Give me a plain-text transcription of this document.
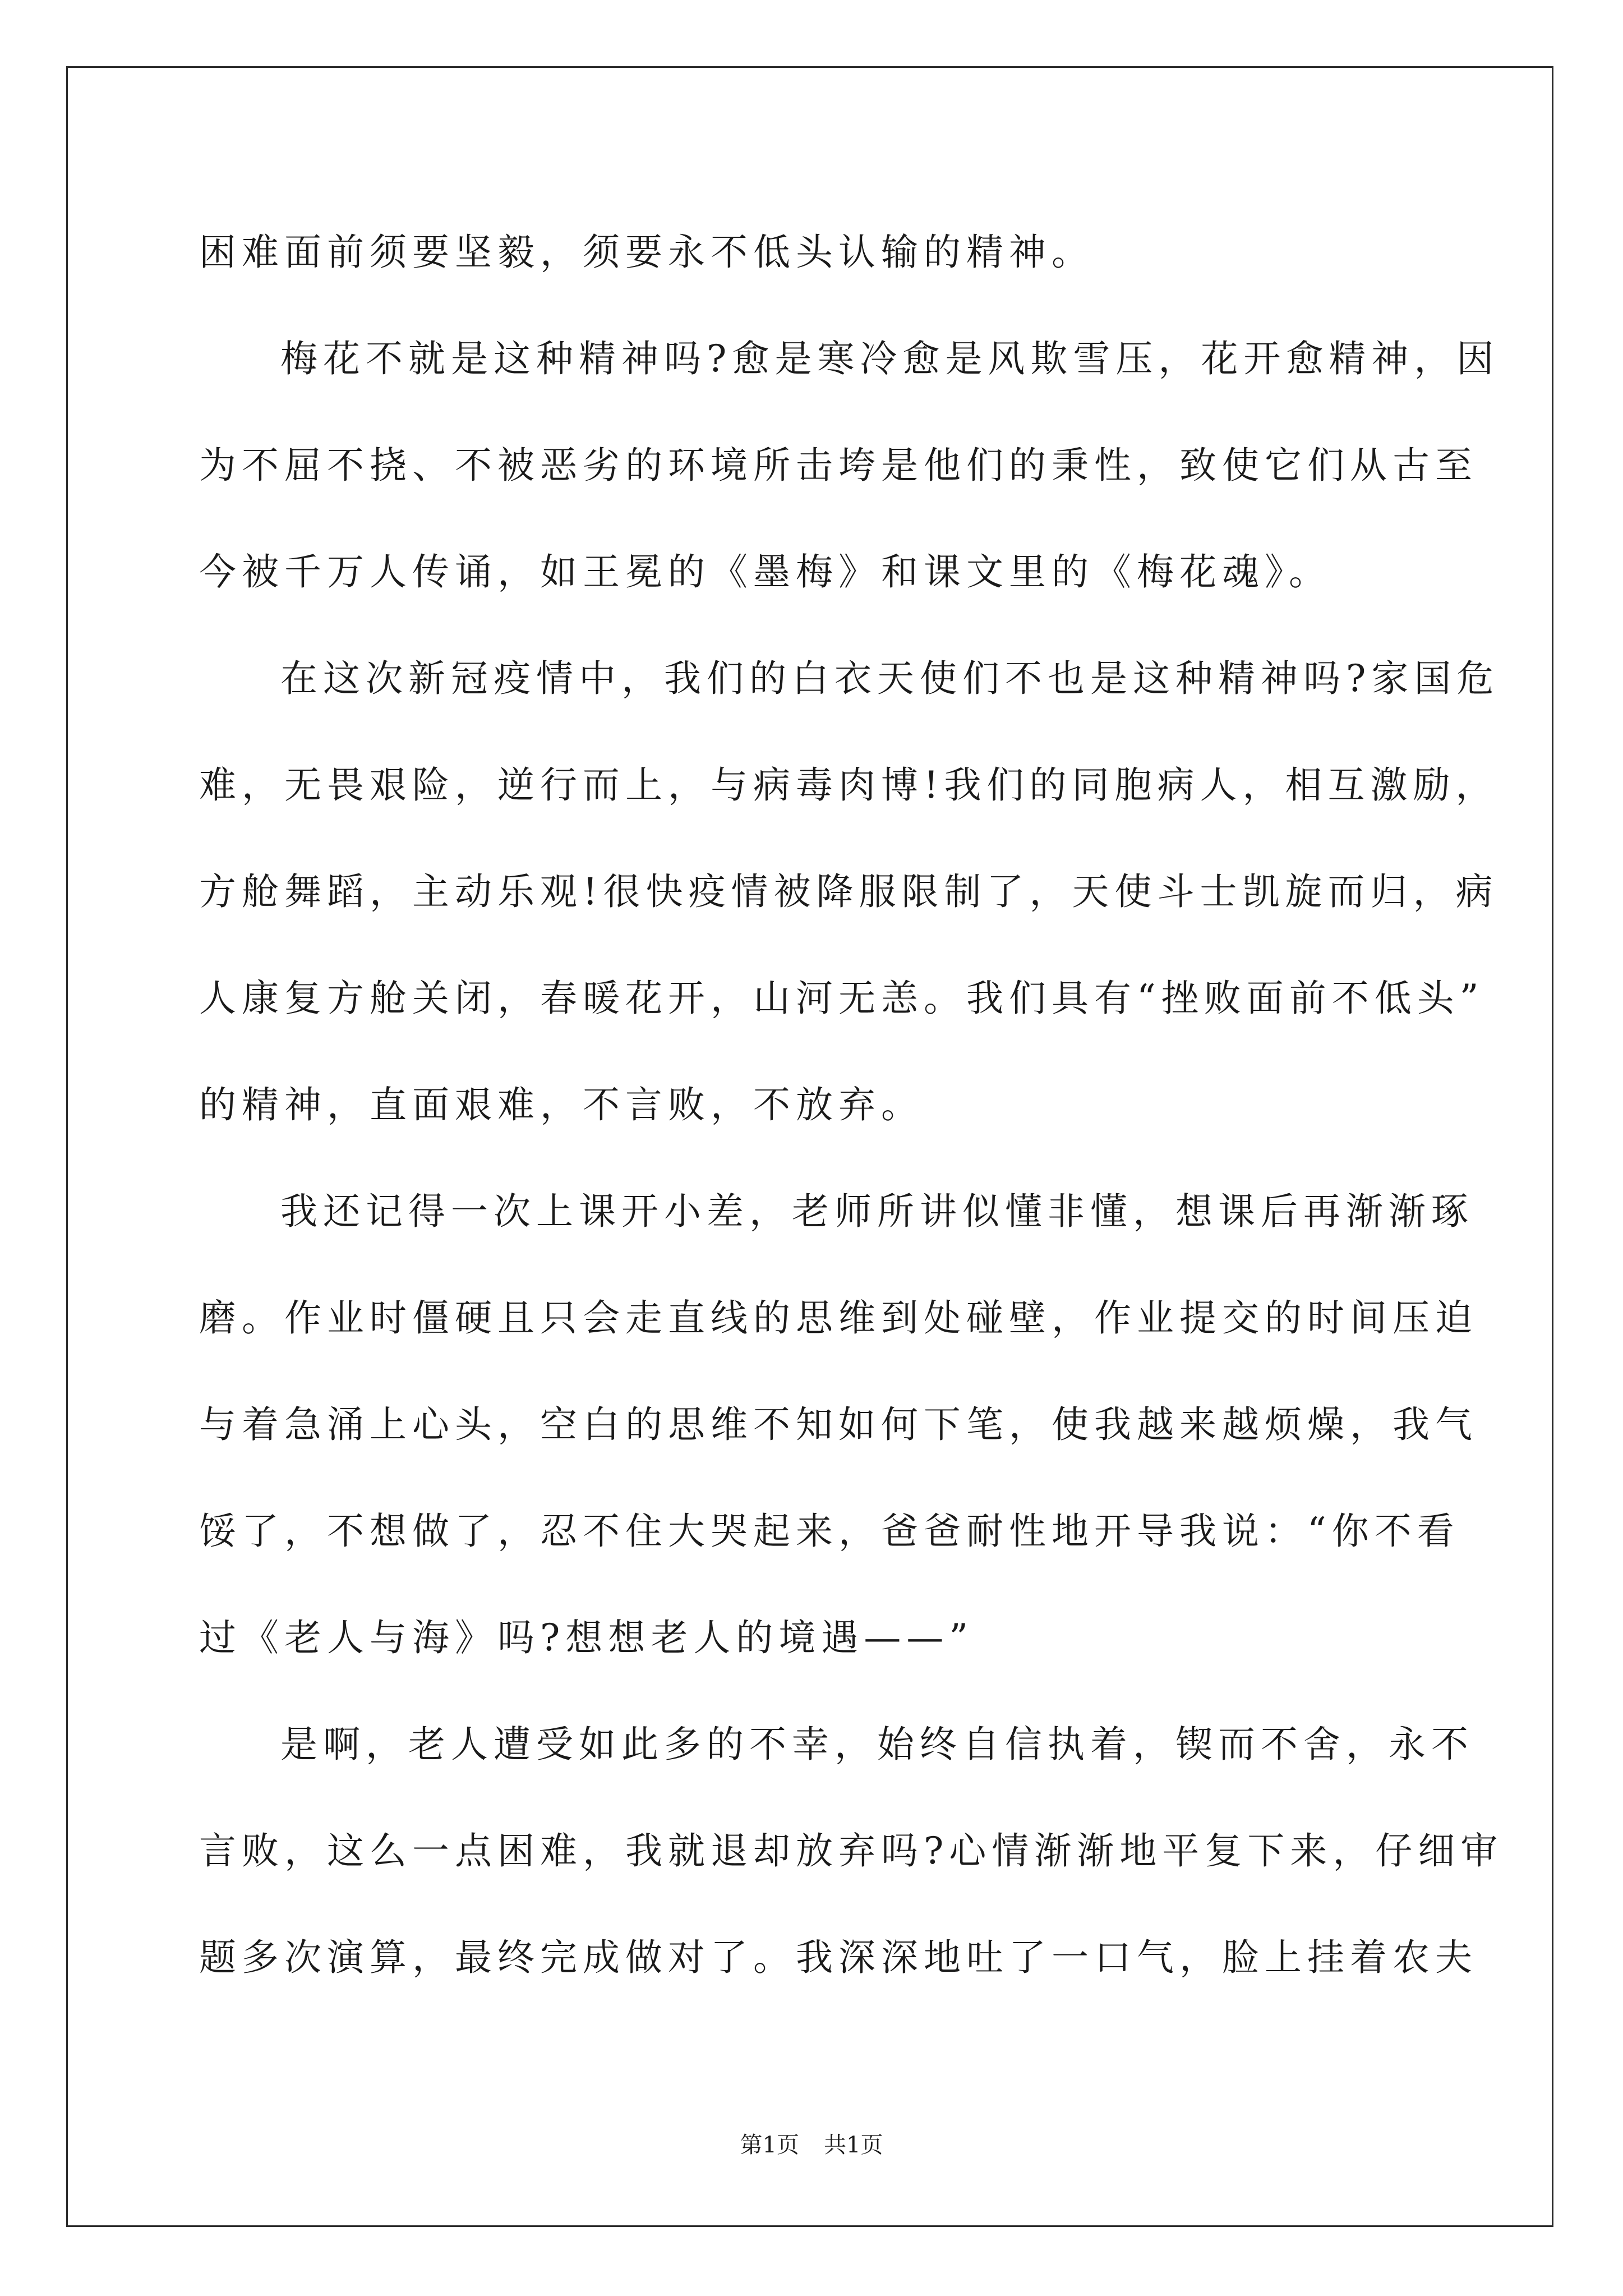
困难面前须要坚毅，须要永不低头认输的精神。
梅花不就是这种精神吗?愈是寒冷愈是风欺雪压，花开愈精神，因
为不屈不挠、不被恶劣的环境所击垮是他们的秉性，致使它们从古至
今被千万人传诵，如王冕的《墨梅》和课文里的《梅花魂》。
在这次新冠疫情中，我们的白衣天使们不也是这种精神吗?家国危
难，无畏艰险，逆行而上，与病毒肉博!我们的同胞病人，相互激励，
方舱舞蹈，主动乐观!很快疫情被降服限制了，天使斗士凯旋而归，病
人康复方舱关闭，春暖花开，山河无恙。我们具有“挫败面前不低头”
的精神，直面艰难，不言败，不放弃。
我还记得一次上课开小差，老师所讲似懂非懂，想课后再渐渐琢
磨。作业时僵硬且只会走直线的思维到处碰壁，作业提交的时间压迫
与着急涌上心头，空白的思维不知如何下笔，使我越来越烦燥，我气
馁了，不想做了，忍不住大哭起来，爸爸耐性地开导我说：“你不看
过《老人与海》吗?想想老人的境遇——”
是啊，老人遭受如此多的不幸，始终自信执着，锲而不舍，永不
言败，这么一点困难，我就退却放弃吗?心情渐渐地平复下来，仔细审
题多次演算，最终完成做对了。我深深地吐了一口气，脸上挂着农夫
第1页 共1页
